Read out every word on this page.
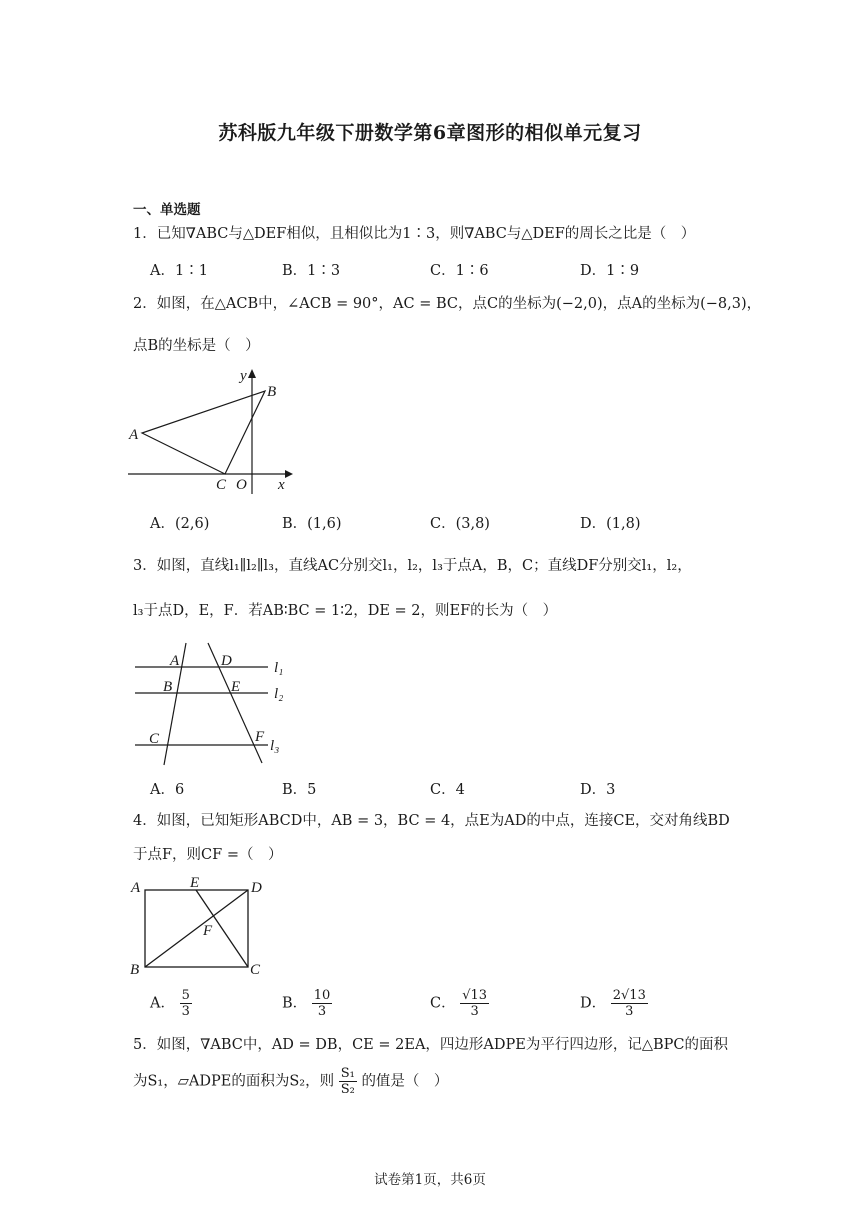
苏科版九年级下册数学第6章图形的相似单元复习
一、单选题
1．已知∇ABC与△DEF相似，且相似比为1∶3，则∇ABC与△DEF的周长之比是（　）
A．1∶1	B．1∶3	C．1∶6	D．1∶9
2．如图，在△ACB中，∠ACB = 90°，AC = BC，点C的坐标为(−2,0)，点A的坐标为(−8,3)，
点B的坐标是（　）
y
B
A
C O x
A．(2,6)	B．(1,6)	C．(3,8)	D．(1,8)
3．如图，直线l₁∥l₂∥l₃，直线AC分别交l₁，l₂，l₃于点A，B，C；直线DF分别交l₁，l₂，
l₃于点D，E，F．若AB∶BC = 1∶2，DE = 2，则EF的长为（　）
A	D	l₁
B	E l₂
C	F
l₃
A．6	B．5	C．4	D．3
4．如图，已知矩形ABCD中，AB = 3，BC = 4，点E为AD的中点，连接CE，交对角线BD
于点F，则CF =（　）
A	E	D
F
B	C
A． $\frac{5}{3}$	B． $\frac{10}{3}$	C． $\frac{√13}{3}$	D． $\frac{2√13}{3}$
5．如图，∇ABC中，AD = DB，CE = 2EA，四边形ADPE为平行四边形，记△BPC的面积
为S₁，▱ADPE的面积为S₂，则 $\frac{\text{S₁}}{\text{S₂}}$ 的值是（　）
试卷第1页，共6页
